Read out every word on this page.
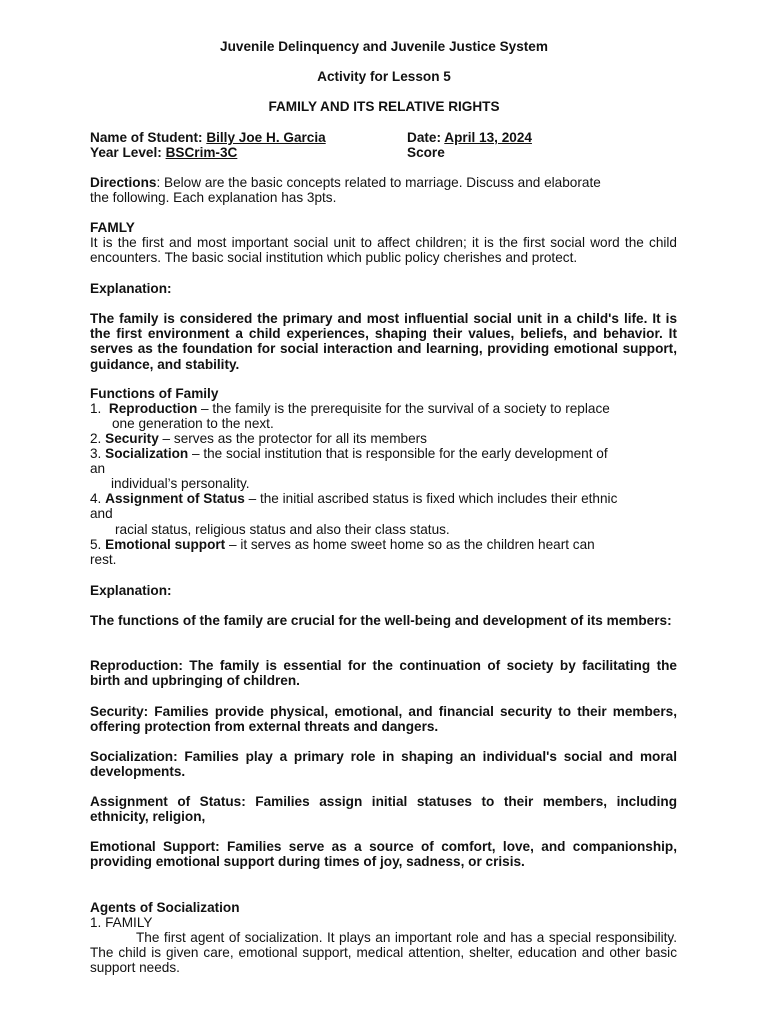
Juvenile Delinquency and Juvenile Justice System
Activity for Lesson 5
FAMILY AND ITS RELATIVE RIGHTS
Name of Student: Billy Joe H. Garcia	Date: April 13, 2024
Year Level: BSCrim-3C	Score
Directions: Below are the basic concepts related to marriage. Discuss and elaborate
the following. Each explanation has 3pts.
FAMLY
It is the first and most important social unit to affect children; it is the first social word the child encounters. The basic social institution which public policy cherishes and protect.
Explanation:
The family is considered the primary and most influential social unit in a child's life. It is the first environment a child experiences, shaping their values, beliefs, and behavior. It serves as the foundation for social interaction and learning, providing emotional support, guidance, and stability.
Functions of Family
1. Reproduction – the family is the prerequisite for the survival of a society to replace
one generation to the next.
2. Security – serves as the protector for all its members
3. Socialization – the social institution that is responsible for the early development of
an
individual’s personality.
4. Assignment of Status – the initial ascribed status is fixed which includes their ethnic
and
racial status, religious status and also their class status.
5. Emotional support – it serves as home sweet home so as the children heart can
rest.
Explanation:
The functions of the family are crucial for the well-being and development of its members:
Reproduction: The family is essential for the continuation of society by facilitating the birth and upbringing of children.
Security: Families provide physical, emotional, and financial security to their members, offering protection from external threats and dangers.
Socialization: Families play a primary role in shaping an individual's social and moral developments.
Assignment of Status: Families assign initial statuses to their members, including ethnicity, religion,
Emotional Support: Families serve as a source of comfort, love, and companionship, providing emotional support during times of joy, sadness, or crisis.
Agents of Socialization
1. FAMILY
The first agent of socialization. It plays an important role and has a special responsibility. The child is given care, emotional support, medical attention, shelter, education and other basic support needs.
